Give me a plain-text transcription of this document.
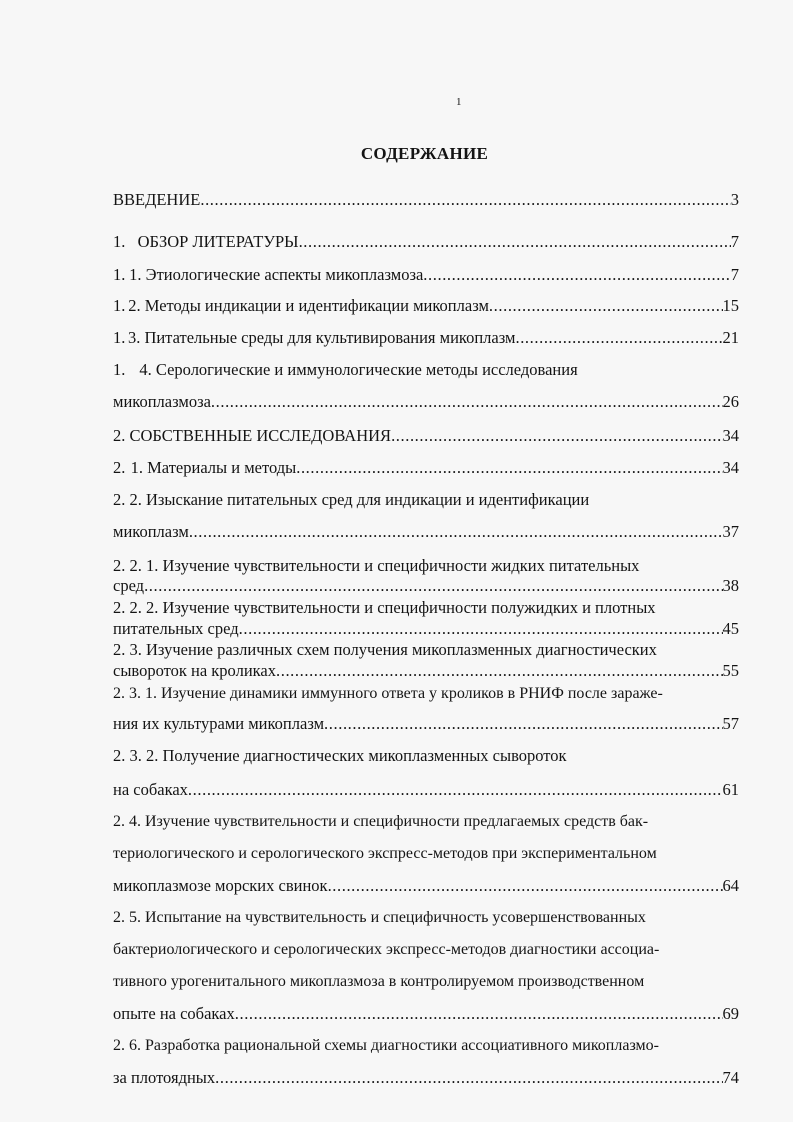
1
СОДЕРЖАНИЕ
ВВЕДЕНИЕ .....	3
1. ОБЗОР ЛИТЕРАТУРЫ .....	7
1. 1. Этиологические аспекты микоплазмоза .....	7
1. 2. Методы индикации и идентификации микоплазм .....	15
1. 3. Питательные среды для культивирования микоплазм .....	21
1. 4. Серологические и иммунологические методы исследования
микоплазмоза .....	26
2. СОБСТВЕННЫЕ ИССЛЕДОВАНИЯ .....	34
2. 1. Материалы и методы .....	34
2. 2. Изыскание питательных сред для индикации и идентификации
микоплазм .....	37
2. 2. 1. Изучение чувствительности и специфичности жидких питательных
сред .....	38
2. 2. 2. Изучение чувствительности и специфичности полужидких и плотных
питательных сред .....	45
2. 3. Изучение различных схем получения микоплазменных диагностических
сывороток на кроликах .....	55
2. 3. 1. Изучение динамики иммунного ответа у кроликов в РНИФ после зараже-
ния их культурами микоплазм .....	57
2. 3. 2. Получение диагностических микоплазменных сывороток
на собаках .....	61
2. 4. Изучение чувствительности и специфичности предлагаемых средств бак-
териологического и серологического экспресс-методов при экспериментальном
микоплазмозе морских свинок .....	64
2. 5. Испытание на чувствительность и специфичность усовершенствованных
бактериологического и серологических экспресс-методов диагностики ассоциа-
тивного урогенитального микоплазмоза в контролируемом производственном
опыте на собаках .....	69
2. 6. Разработка рациональной схемы диагностики ассоциативного микоплазмо-
за плотоядных .....	74
